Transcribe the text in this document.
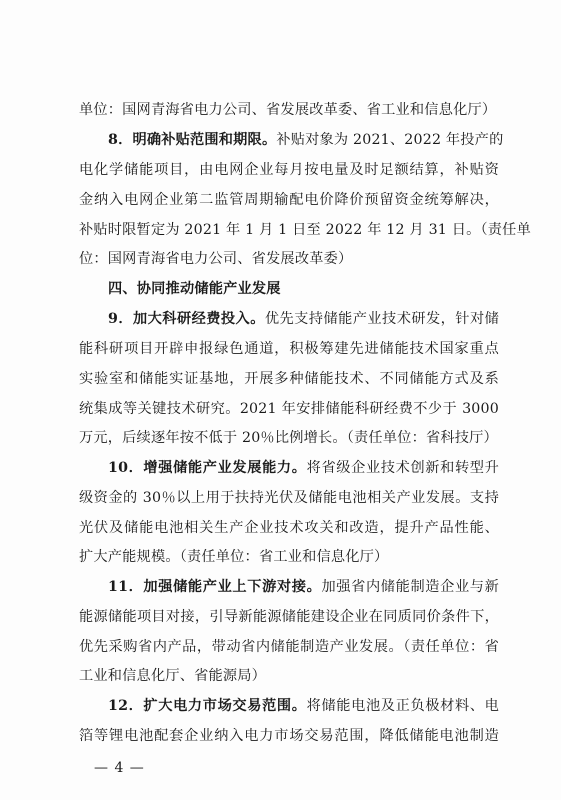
单位：国网青海省电力公司、省发展改革委、省工业和信息化厅）
8．明确补贴范围和期限。补贴对象为 2021、2022 年投产的
电化学储能项目，由电网企业每月按电量及时足额结算，补贴资
金纳入电网企业第二监管周期输配电价降价预留资金统筹解决，
补贴时限暂定为 2021 年 1 月 1 日至 2022 年 12 月 31 日。（责任单
位：国网青海省电力公司、省发展改革委）
四、协同推动储能产业发展
9．加大科研经费投入。优先支持储能产业技术研发，针对储
能科研项目开辟申报绿色通道，积极筹建先进储能技术国家重点
实验室和储能实证基地，开展多种储能技术、不同储能方式及系
统集成等关键技术研究。2021 年安排储能科研经费不少于 3000
万元，后续逐年按不低于 20％比例增长。（责任单位：省科技厅）
10．增强储能产业发展能力。将省级企业技术创新和转型升
级资金的 30％以上用于扶持光伏及储能电池相关产业发展。支持
光伏及储能电池相关生产企业技术攻关和改造，提升产品性能、
扩大产能规模。（责任单位：省工业和信息化厅）
11．加强储能产业上下游对接。加强省内储能制造企业与新
能源储能项目对接，引导新能源储能建设企业在同质同价条件下，
优先采购省内产品，带动省内储能制造产业发展。（责任单位：省
工业和信息化厅、省能源局）
12．扩大电力市场交易范围。将储能电池及正负极材料、电
箔等锂电池配套企业纳入电力市场交易范围，降低储能电池制造
— 4 —
